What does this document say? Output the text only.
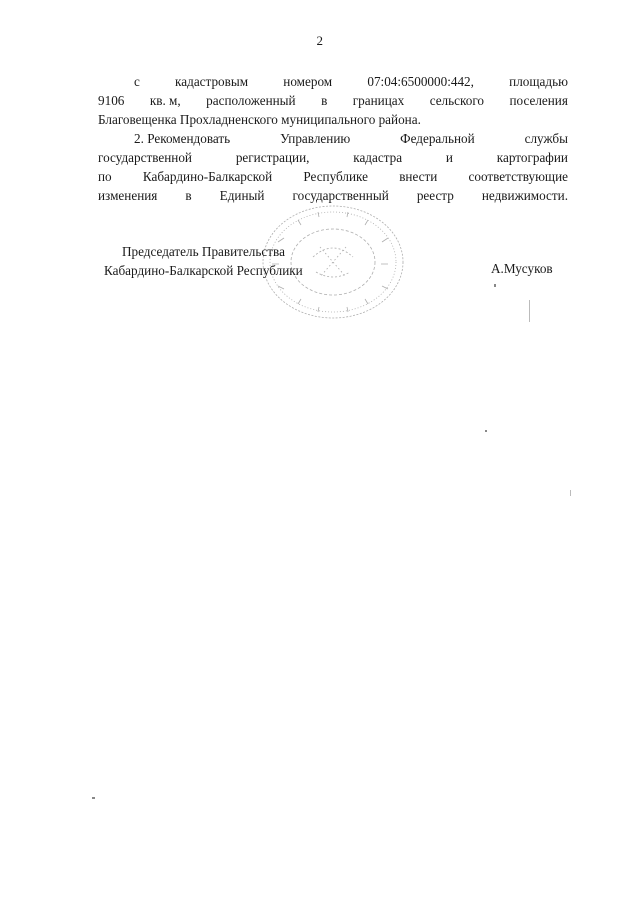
2
с	кадастровым	номером	07:04:6500000:442,	площадью
9106 кв. м, расположенный в границах сельского поселения
Благовещенка Прохладненского муниципального района.
2. Рекомендовать	Управлению	Федеральной	службы
государственной	регистрации,	кадастра	и	картографии
по Кабардино-Балкарской Республике внести соответствующие
изменения в Единый государственный реестр недвижимости.
Председатель Правительства
Кабардино-Балкарской Республики	А.Мусуков
